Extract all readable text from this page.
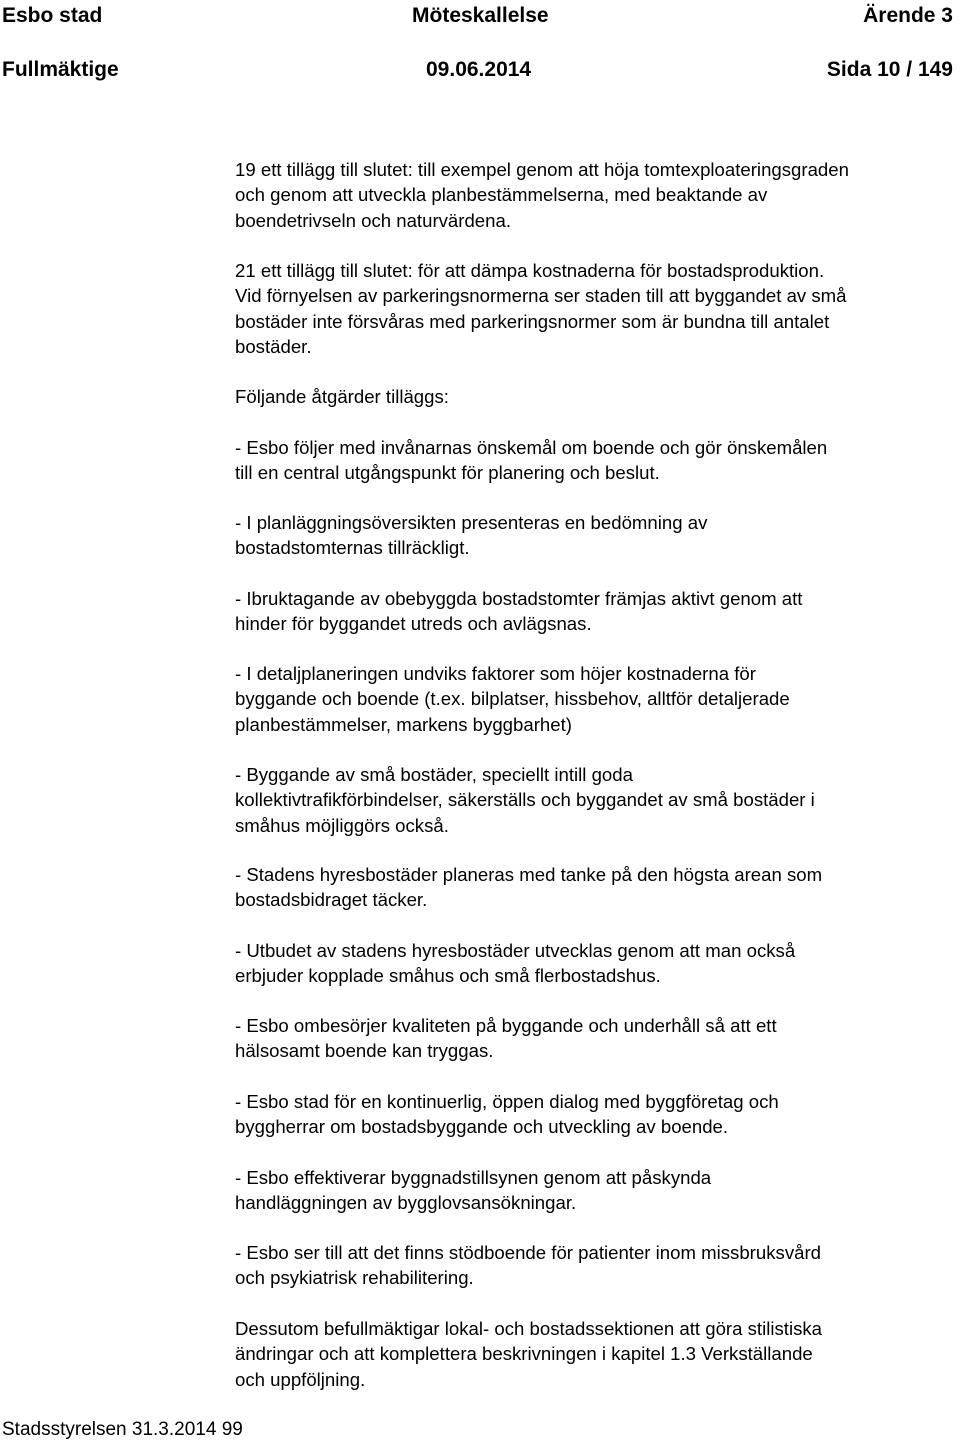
Esbo stad	Möteskallelse	Ärende 3
Fullmäktige	09.06.2014	Sida 10 / 149

19 ett tillägg till slutet: till exempel genom att höja tomtexploateringsgraden
och genom att utveckla planbestämmelserna, med beaktande av
boendetrivseln och naturvärdena.

21 ett tillägg till slutet: för att dämpa kostnaderna för bostadsproduktion.
Vid förnyelsen av parkeringsnormerna ser staden till att byggandet av små
bostäder inte försvåras med parkeringsnormer som är bundna till antalet
bostäder.

Följande åtgärder tilläggs:

- Esbo följer med invånarnas önskemål om boende och gör önskemålen
till en central utgångspunkt för planering och beslut.

- I planläggningsöversikten presenteras en bedömning av
bostadstomternas tillräckligt.

- Ibruktagande av obebyggda bostadstomter främjas aktivt genom att
hinder för byggandet utreds och avlägsnas.

- I detaljplaneringen undviks faktorer som höjer kostnaderna för
byggande och boende (t.ex. bilplatser, hissbehov, alltför detaljerade
planbestämmelser, markens byggbarhet)

- Byggande av små bostäder, speciellt intill goda
kollektivtrafikförbindelser, säkerställs och byggandet av små bostäder i
småhus möjliggörs också.

- Stadens hyresbostäder planeras med tanke på den högsta arean som
bostadsbidraget täcker.

- Utbudet av stadens hyresbostäder utvecklas genom att man också
erbjuder kopplade småhus och små flerbostadshus.

- Esbo ombesörjer kvaliteten på byggande och underhåll så att ett
hälsosamt boende kan tryggas.

- Esbo stad för en kontinuerlig, öppen dialog med byggföretag och
byggherrar om bostadsbyggande och utveckling av boende.

- Esbo effektiverar byggnadstillsynen genom att påskynda
handläggningen av bygglovsansökningar.

- Esbo ser till att det finns stödboende för patienter inom missbruksvård
och psykiatrisk rehabilitering.

Dessutom befullmäktigar lokal- och bostadssektionen att göra stilistiska
ändringar och att komplettera beskrivningen i kapitel 1.3 Verkställande
och uppföljning.

Stadsstyrelsen 31.3.2014 99
